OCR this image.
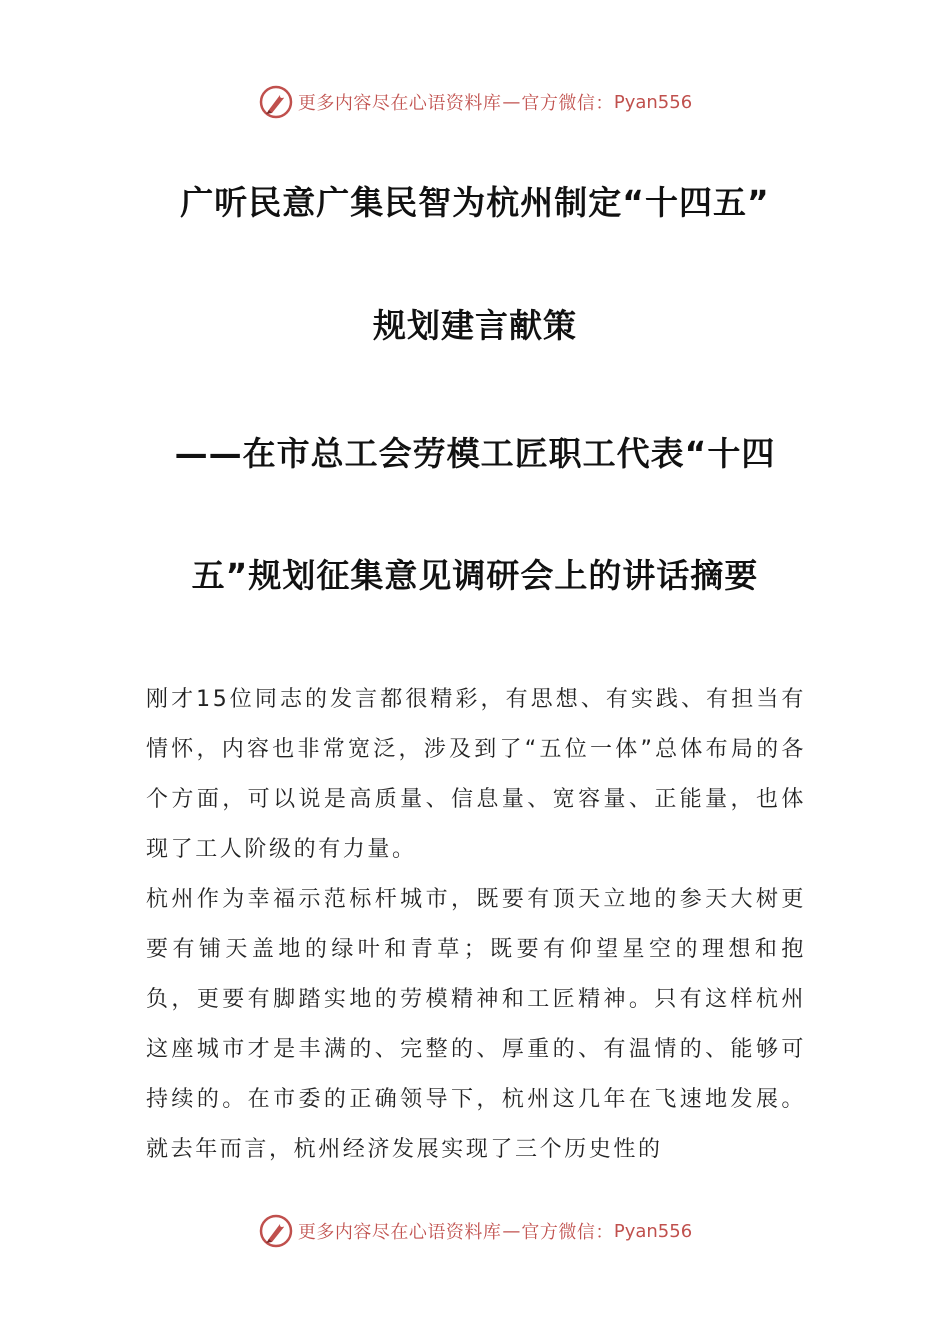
更多内容尽在心语资料库 — 官方微信： Pyan556
广听民意广集民智为杭州制定“十四五”
规划建言献策
——在市总工会劳模工匠职工代表“十四
五”规划征集意见调研会上的讲话摘要
刚才15位同志的发言都很精彩，有思想、有实践、有担当有情怀，内容也非常宽泛，涉及到了“五位一体”总体布局的各个方面，可以说是高质量、信息量、宽容量、正能量，也体现了工人阶级的有力量。
杭州作为幸福示范标杆城市，既要有顶天立地的参天大树更要有铺天盖地的绿叶和青草；既要有仰望星空的理想和抱负，更要有脚踏实地的劳模精神和工匠精神。只有这样杭州这座城市才是丰满的、完整的、厚重的、有温情的、能够可持续的。在市委的正确领导下，杭州这几年在飞速地发展。就去年而言，杭州经济发展实现了三个历史性的
更多内容尽在心语资料库 — 官方微信： Pyan556
